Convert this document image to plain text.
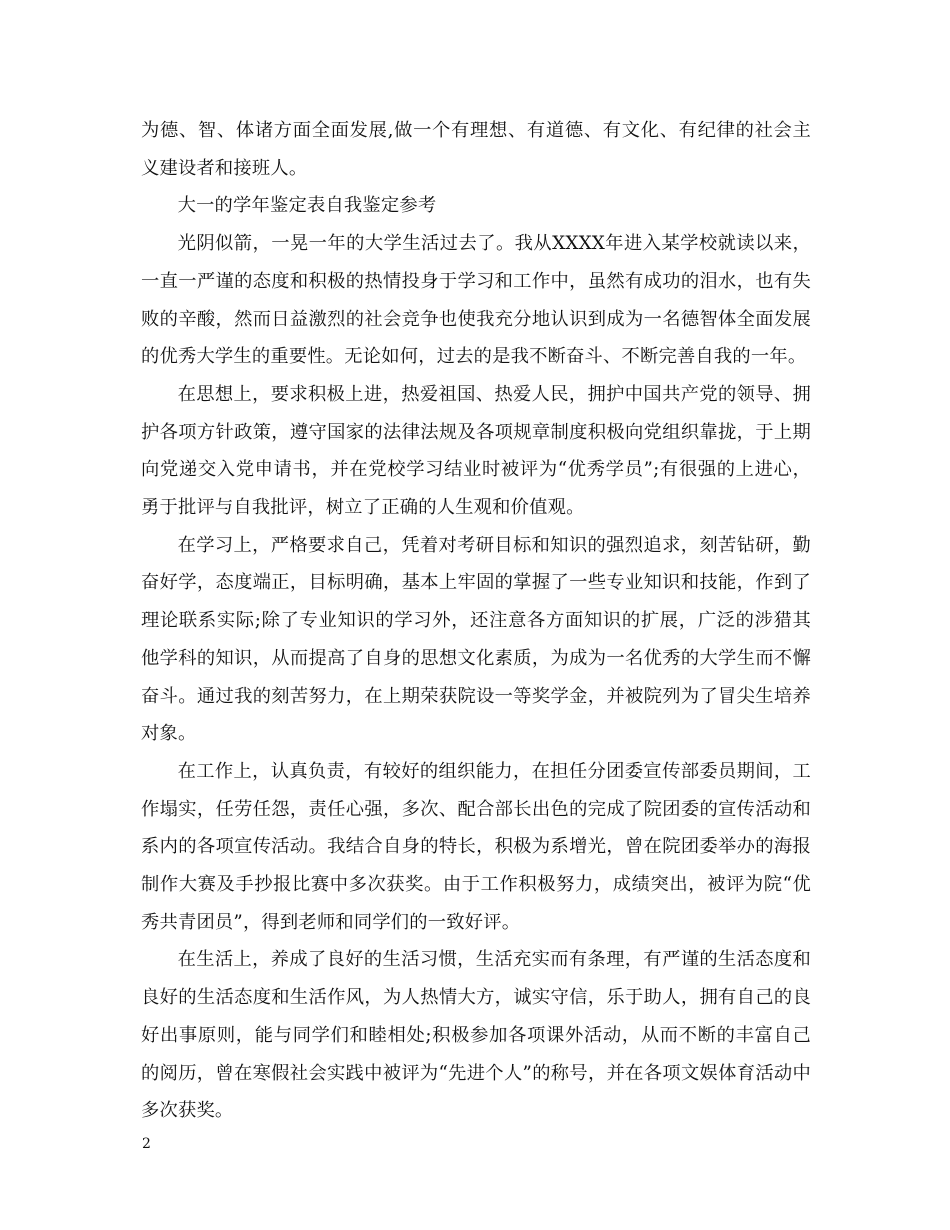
为德、智、体诸方面全面发展,做一个有理想、有道德、有文化、有纪律的社会主义建设者和接班人。

大一的学年鉴定表自我鉴定参考

光阴似箭，一晃一年的大学生活过去了。我从XXXX年进入某学校就读以来，一直一严谨的态度和积极的热情投身于学习和工作中，虽然有成功的泪水，也有失败的辛酸，然而日益激烈的社会竞争也使我充分地认识到成为一名德智体全面发展的优秀大学生的重要性。无论如何，过去的是我不断奋斗、不断完善自我的一年。

在思想上，要求积极上进，热爱祖国、热爱人民，拥护中国共产党的领导、拥护各项方针政策，遵守国家的法律法规及各项规章制度积极向党组织靠拢，于上期向党递交入党申请书，并在党校学习结业时被评为“优秀学员”;有很强的上进心，勇于批评与自我批评，树立了正确的人生观和价值观。

在学习上，严格要求自己，凭着对考研目标和知识的强烈追求，刻苦钻研，勤奋好学，态度端正，目标明确，基本上牢固的掌握了一些专业知识和技能，作到了理论联系实际;除了专业知识的学习外，还注意各方面知识的扩展，广泛的涉猎其他学科的知识，从而提高了自身的思想文化素质，为成为一名优秀的大学生而不懈奋斗。通过我的刻苦努力，在上期荣获院设一等奖学金，并被院列为了冒尖生培养对象。

在工作上，认真负责，有较好的组织能力，在担任分团委宣传部委员期间，工作塌实，任劳任怨，责任心强，多次、配合部长出色的完成了院团委的宣传活动和系内的各项宣传活动。我结合自身的特长，积极为系增光，曾在院团委举办的海报制作大赛及手抄报比赛中多次获奖。由于工作积极努力，成绩突出，被评为院“优秀共青团员”，得到老师和同学们的一致好评。

在生活上，养成了良好的生活习惯，生活充实而有条理，有严谨的生活态度和良好的生活态度和生活作风，为人热情大方，诚实守信，乐于助人，拥有自己的良好出事原则，能与同学们和睦相处;积极参加各项课外活动，从而不断的丰富自己的阅历，曾在寒假社会实践中被评为“先进个人”的称号，并在各项文娱体育活动中多次获奖。

2
